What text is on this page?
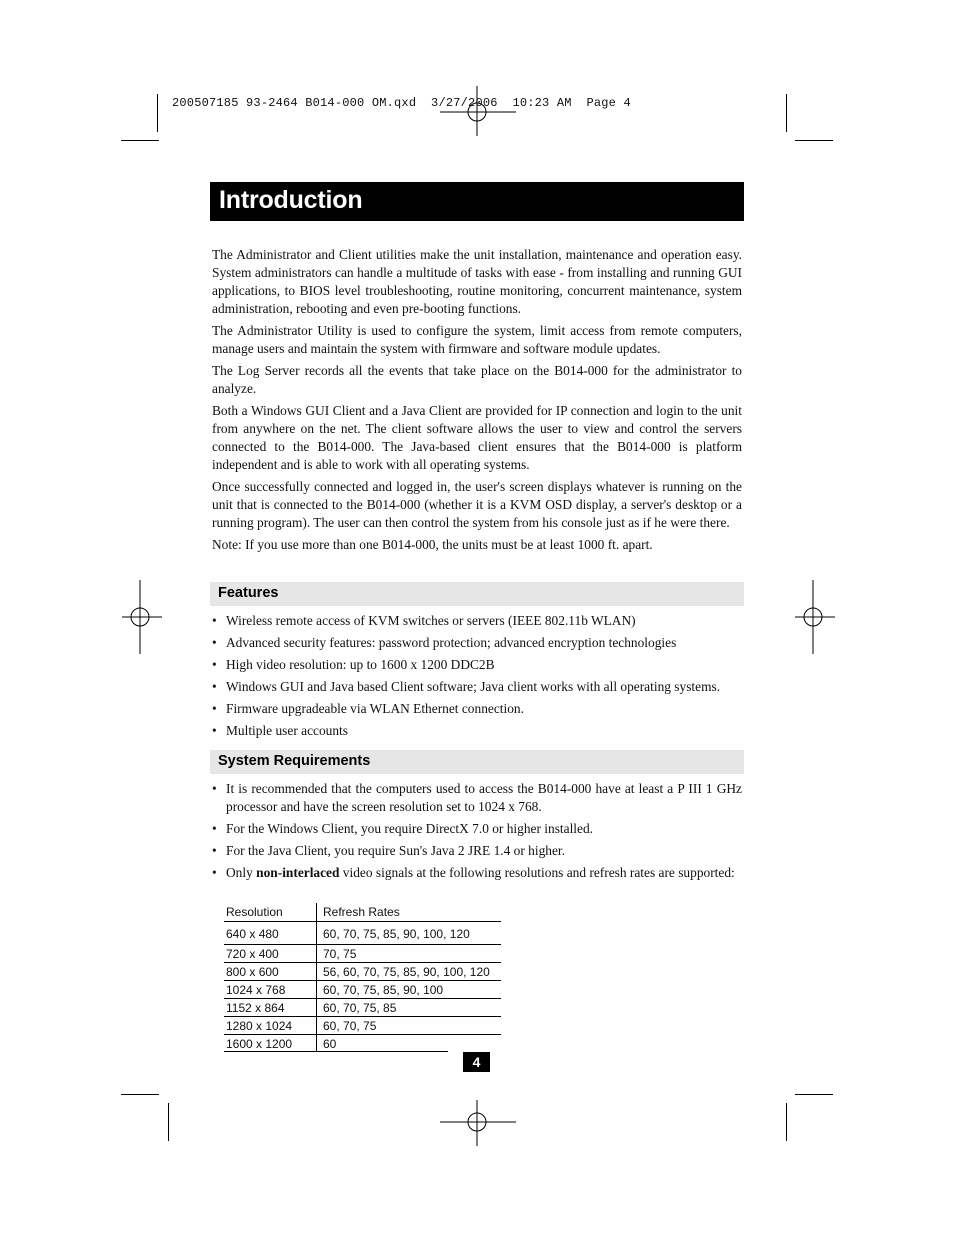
200507185 93-2464 B014-000 OM.qxd  3/27/2006  10:23 AM  Page 4
Introduction

The Administrator and Client utilities make the unit installation, maintenance and operation easy. System administrators can handle a multitude of tasks with ease - from installing and running GUI applications, to BIOS level troubleshooting, routine monitoring, concurrent maintenance, system administration, rebooting and even pre-booting functions.

The Administrator Utility is used to configure the system, limit access from remote computers, manage users and maintain the system with firmware and software module updates.

The Log Server records all the events that take place on the B014-000 for the administrator to analyze.

Both a Windows GUI Client and a Java Client are provided for IP connection and login to the unit from anywhere on the net. The client software allows the user to view and control the servers connected to the B014-000. The Java-based client ensures that the B014-000 is platform independent and is able to work with all operating systems.

Once successfully connected and logged in, the user's screen displays whatever is running on the unit that is connected to the B014-000 (whether it is a KVM OSD display, a server's desktop or a running program). The user can then control the system from his console just as if he were there.

Note: If you use more than one B014-000, the units must be at least 1000 ft. apart.

Features
• Wireless remote access of KVM switches or servers (IEEE 802.11b WLAN)
• Advanced security features: password protection; advanced encryption technologies
• High video resolution: up to 1600 x 1200 DDC2B
• Windows GUI and Java based Client software; Java client works with all operating systems.
• Firmware upgradeable via WLAN Ethernet connection.
• Multiple user accounts
System Requirements
• It is recommended that the computers used to access the B014-000 have at least a P III 1 GHz processor and have the screen resolution set to 1024 x 768.
• For the Windows Client, you require DirectX 7.0 or higher installed.
• For the Java Client, you require Sun's Java 2 JRE 1.4 or higher.
• Only non-interlaced video signals at the following resolutions and refresh rates are supported:
Resolution	Refresh Rates
640 x 480	60, 70, 75, 85, 90, 100, 120
720 x 400	70, 75
800 x 600	56, 60, 70, 75, 85, 90, 100, 120
1024 x 768	60, 70, 75, 85, 90, 100
1152 x 864	60, 70, 75, 85
1280 x 1024	60, 70, 75
1600 x 1200	60
4
